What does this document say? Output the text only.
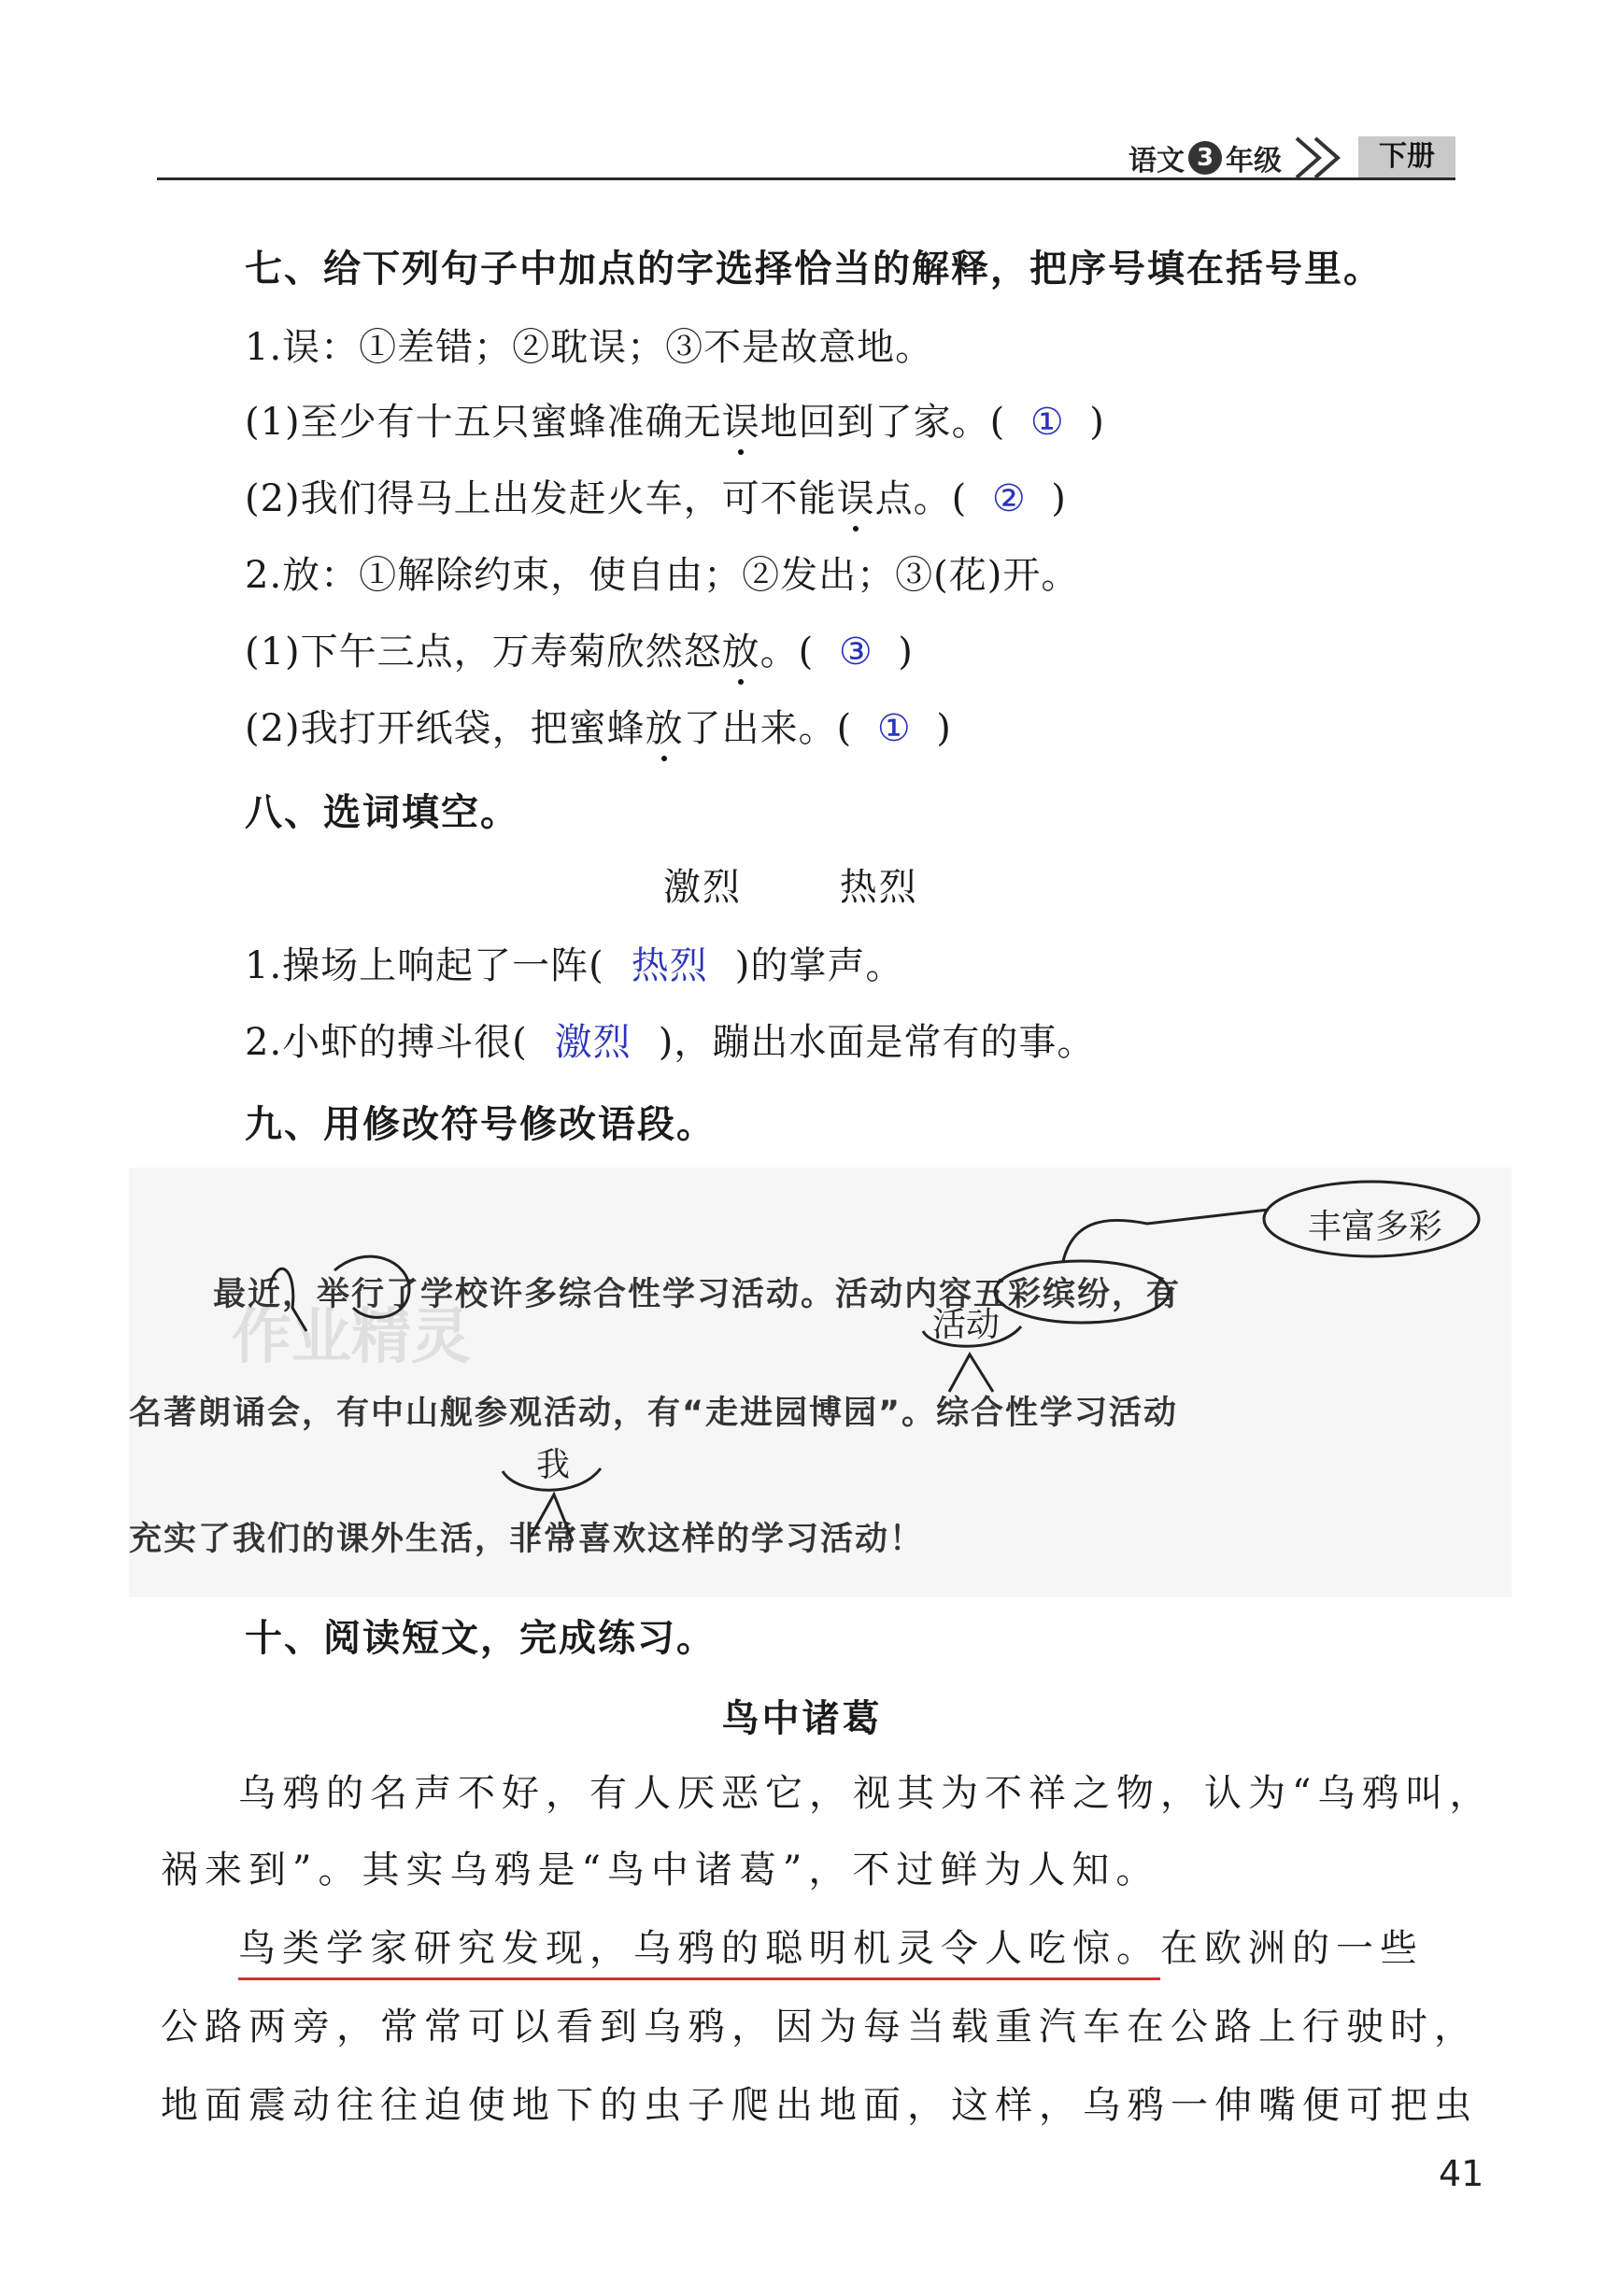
语文 3 年级	下册
七、给下列句子中加点的字选择恰当的解释，把序号填在括号里。
1.误：①差错；②耽误；③不是故意地。
(1)至少有十五只蜜蜂准确无误地回到了家。( ① )
(2)我们得马上出发赶火车，可不能误点。( ② )
2.放：①解除约束，使自由；②发出；③(花)开。
(1)下午三点，万寿菊欣然怒放。( ③ )
(2)我打开纸袋，把蜜蜂放了出来。( ① )
八、选词填空。
激烈	热烈
1.操场上响起了一阵( 热烈 )的掌声。
2.小虾的搏斗很( 激烈 )，蹦出水面是常有的事。
九、用修改符号修改语段。
作业精灵
最近，举行了学校许多综合性学习活动。活动内容五彩缤纷，有
名著朗诵会，有中山舰参观活动，有“走进园博园”。综合性学习活动
充实了我们的课外生活，非常喜欢这样的学习活动！
丰富多彩
活动
我
十、阅读短文，完成练习。
鸟中诸葛
乌鸦的名声不好，有人厌恶它，视其为不祥之物，认为“乌鸦叫，
祸来到”。其实乌鸦是“鸟中诸葛”，不过鲜为人知。
鸟类学家研究发现，乌鸦的聪明机灵令人吃惊。在欧洲的一些
公路两旁，常常可以看到乌鸦，因为每当载重汽车在公路上行驶时，
地面震动往往迫使地下的虫子爬出地面，这样，乌鸦一伸嘴便可把虫
41
